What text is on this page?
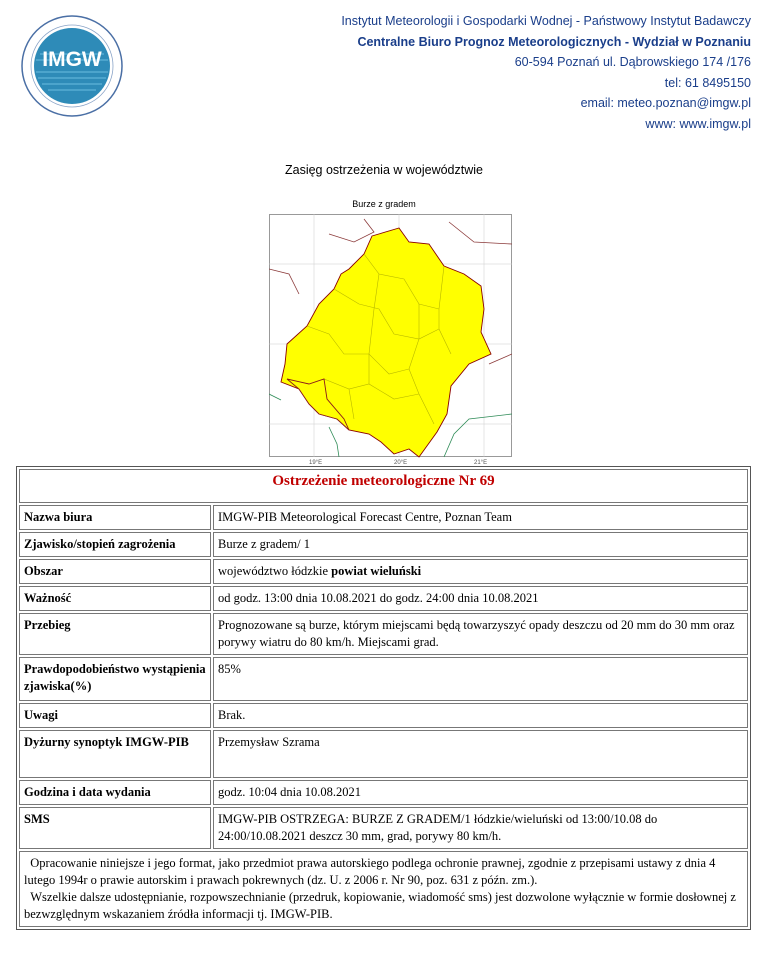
IMGW
Instytut Meteorologii i Gospodarki Wodnej - Państwowy Instytut Badawczy
Centralne Biuro Prognoz Meteorologicznych - Wydział w Poznaniu
60-594 Poznań ul. Dąbrowskiego 174 /176
tel: 61 8495150
email: meteo.poznan@imgw.pl
www: www.imgw.pl
Zasięg ostrzeżenia w województwie
Burze z gradem
19°E	20°E	21°E
Ostrzeżenie meteorologiczne Nr 69	
Nazwa biura	IMGW-PIB Meteorological Forecast Centre, Poznan Team
Zjawisko/stopień zagrożenia	Burze z gradem/ 1
Obszar	województwo łódzkie powiat wieluński
Ważność	od godz. 13:00 dnia 10.08.2021 do godz. 24:00 dnia 10.08.2021
Przebieg	Prognozowane są burze, którym miejscami będą towarzyszyć opady deszczu od 20 mm do 30 mm oraz porywy wiatru do 80 km/h. Miejscami grad.
Prawdopodobieństwo wystąpienia zjawiska(%)	85%
Uwagi	Brak.
Dyżurny synoptyk IMGW-PIB	Przemysław Szrama
Godzina i data wydania	godz. 10:04 dnia 10.08.2021
SMS	IMGW-PIB OSTRZEGA: BURZE Z GRADEM/1 łódzkie/wieluński od 13:00/10.08 do 24:00/10.08.2021 deszcz 30 mm, grad, porywy 80 km/h.

Opracowanie niniejsze i jego format, jako przedmiot prawa autorskiego podlega ochronie prawnej, zgodnie z przepisami ustawy z dnia 4 lutego 1994r o prawie autorskim i prawach pokrewnych (dz. U. z 2006 r. Nr 90, poz. 631 z późn. zm.).
Wszelkie dalsze udostępnianie, rozpowszechnianie (przedruk, kopiowanie, wiadomość sms) jest dozwolone wyłącznie w formie dosłownej z bezwzględnym wskazaniem źródła informacji tj. IMGW-PIB.	
